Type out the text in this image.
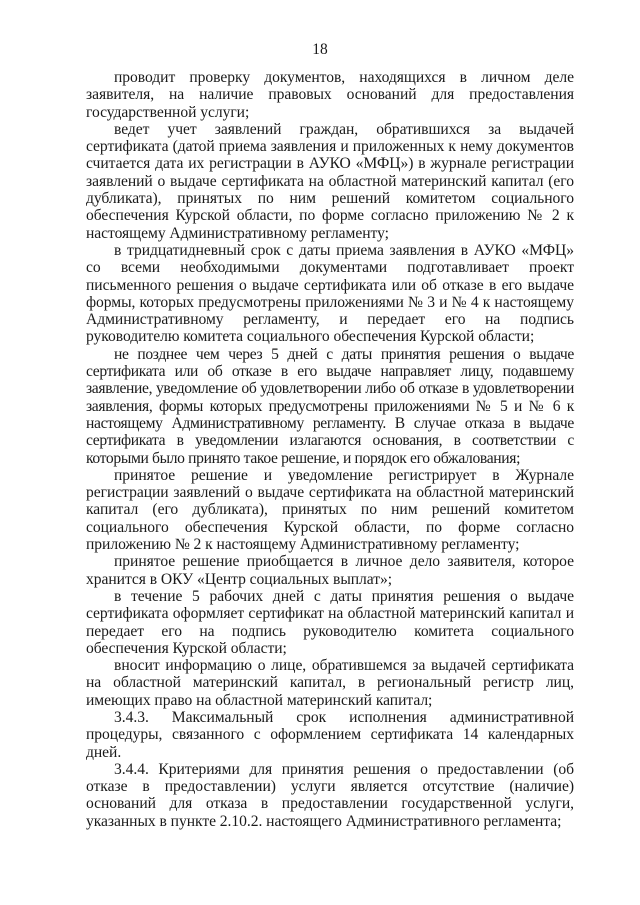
18

проводит проверку документов, находящихся в личном деле заявителя, на наличие правовых оснований для предоставления государственной услуги;

ведет учет заявлений граждан, обратившихся за выдачей сертификата (датой приема заявления и приложенных к нему документов считается дата их регистрации в АУКО «МФЦ») в журнале регистрации заявлений о выдаче сертификата на областной материнский капитал (его дубликата), принятых по ним решений комитетом социального обеспечения Курской области, по форме согласно приложению № 2 к настоящему Административному регламенту;

в тридцатидневный срок с даты приема заявления в АУКО «МФЦ» со всеми необходимыми документами подготавливает проект письменного решения о выдаче сертификата или об отказе в его выдаче формы, которых предусмотрены приложениями № 3 и № 4 к настоящему Административному регламенту, и передает его на подпись руководителю комитета социального обеспечения Курской области;

не позднее чем через 5 дней с даты принятия решения о выдаче сертификата или об отказе в его выдаче направляет лицу, подавшему заявление, уведомление об удовлетворении либо об отказе в удовлетворении заявления, формы которых предусмотрены приложениями № 5 и № 6 к настоящему Административному регламенту. В случае отказа в выдаче сертификата в уведомлении излагаются основания, в соответствии с которыми было принято такое решение, и порядок его обжалования;

принятое решение и уведомление регистрирует в Журнале регистрации заявлений о выдаче сертификата на областной материнский капитал (его дубликата), принятых по ним решений комитетом социального обеспечения Курской области, по форме согласно приложению № 2 к настоящему Административному регламенту;

принятое решение приобщается в личное дело заявителя, которое хранится в ОКУ «Центр социальных выплат»;

в течение 5 рабочих дней с даты принятия решения о выдаче сертификата оформляет сертификат на областной материнский капитал и передает его на подпись руководителю комитета социального обеспечения Курской области;

вносит информацию о лице, обратившемся за выдачей сертификата на областной материнский капитал, в региональный регистр лиц, имеющих право на областной материнский капитал;

3.4.3. Максимальный срок исполнения административной процедуры, связанного с оформлением сертификата 14 календарных дней.

3.4.4. Критериями для принятия решения о предоставлении (об отказе в предоставлении) услуги является отсутствие (наличие) оснований для отказа в предоставлении государственной услуги, указанных в пункте 2.10.2. настоящего Административного регламента;
